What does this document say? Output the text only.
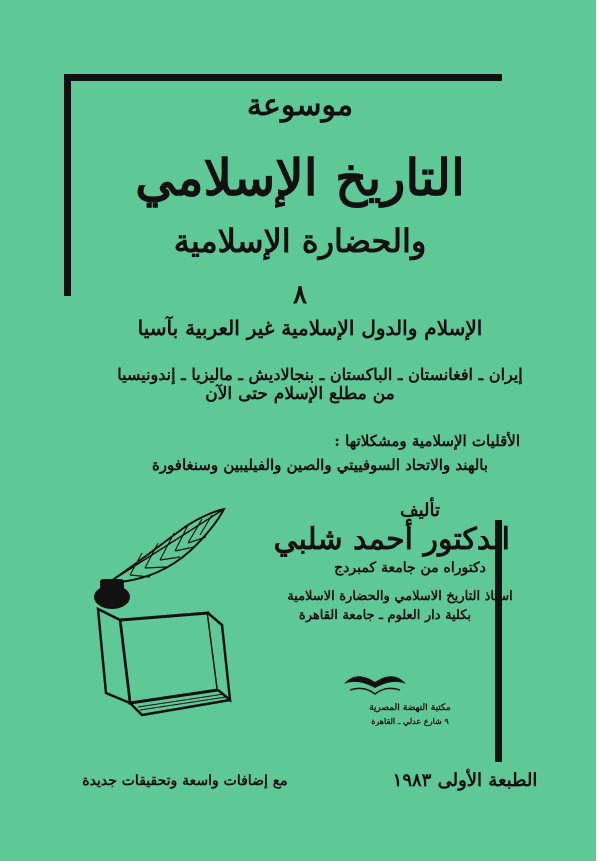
موسوعة
التاريخ الإسلامي
والحضارة الإسلامية
٨
الإسلام والدول الإسلامية غير العربية بآسيا
إيران ـ افغانستان ـ الباكستان ـ بنجالاديش ـ ماليزيا ـ إندونيسيا
من مطلع الإسلام حتى الآن
الأقليات الإسلامية ومشكلاتها :
بالهند والاتحاد السوفييتي والصين والفيليبين وسنغافورة
تأليف
الدكتور أحمد شلبي
دكتوراه من جامعة كمبردج
استاذ التاريخ الاسلامي والحضارة الاسلامية
بكلية دار العلوم ـ جامعة القاهرة
مكتبة النهضة المصرية
٩ شارع عدلي ـ القاهرة
مع إضافات واسعة وتحقيقات جديدة	الطبعة الأولى ١٩٨٣
